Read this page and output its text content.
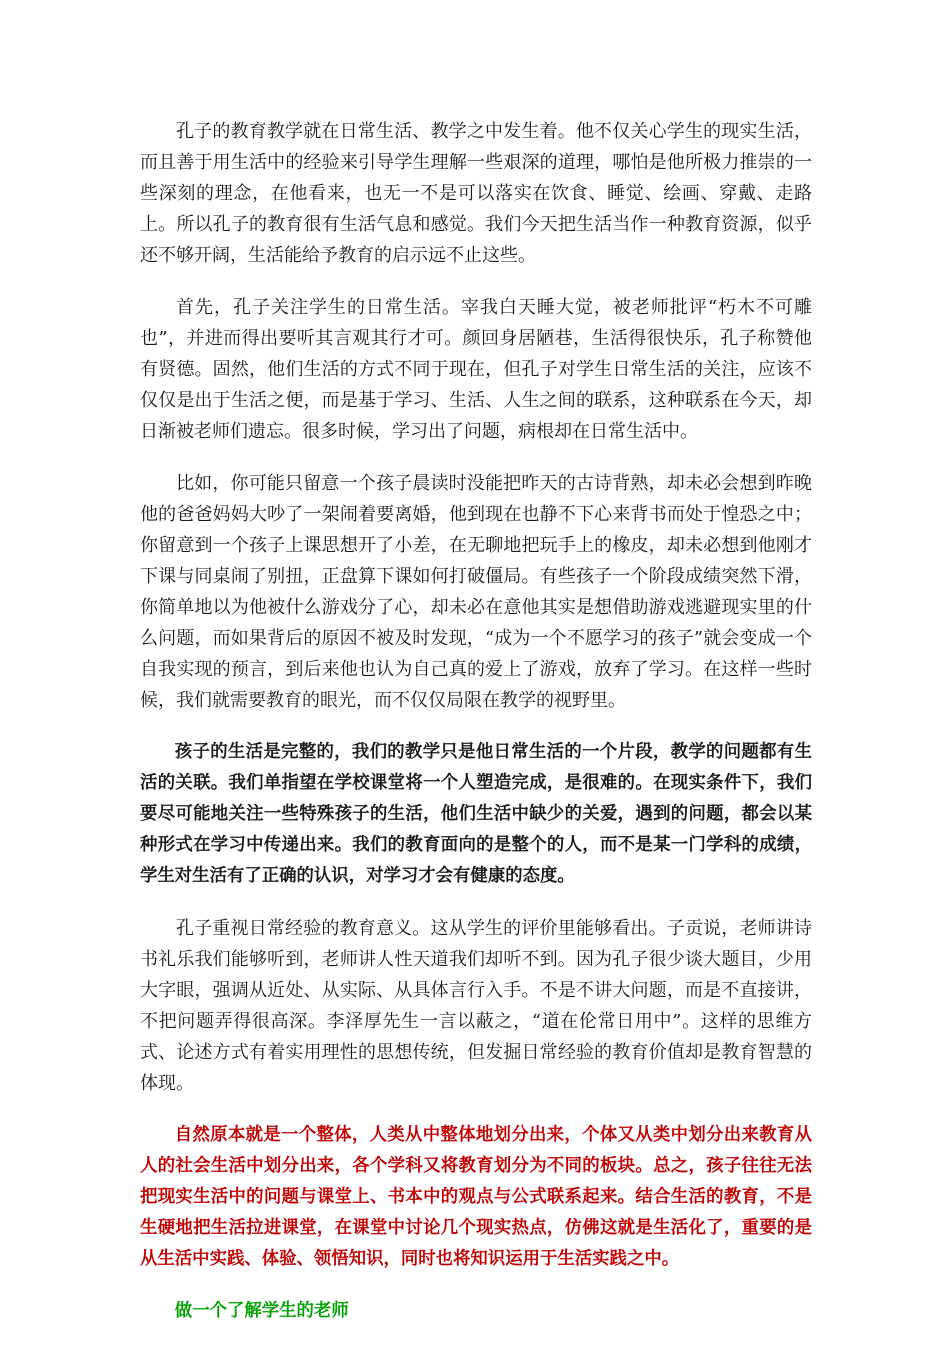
孔子的教育教学就在日常生活、教学之中发生着。他不仅关心学生的现实生活，而且善于用生活中的经验来引导学生理解一些艰深的道理，哪怕是他所极力推崇的一些深刻的理念，在他看来，也无一不是可以落实在饮食、睡觉、绘画、穿戴、走路上。所以孔子的教育很有生活气息和感觉。我们今天把生活当作一种教育资源，似乎还不够开阔，生活能给予教育的启示远不止这些。

首先，孔子关注学生的日常生活。宰我白天睡大觉，被老师批评“朽木不可雕也”，并进而得出要听其言观其行才可。颜回身居陋巷，生活得很快乐，孔子称赞他有贤德。固然，他们生活的方式不同于现在，但孔子对学生日常生活的关注，应该不仅仅是出于生活之便，而是基于学习、生活、人生之间的联系，这种联系在今天，却日渐被老师们遗忘。很多时候，学习出了问题，病根却在日常生活中。

比如，你可能只留意一个孩子晨读时没能把昨天的古诗背熟，却未必会想到昨晚他的爸爸妈妈大吵了一架闹着要离婚，他到现在也静不下心来背书而处于惶恐之中；你留意到一个孩子上课思想开了小差，在无聊地把玩手上的橡皮，却未必想到他刚才下课与同桌闹了别扭，正盘算下课如何打破僵局。有些孩子一个阶段成绩突然下滑，你简单地以为他被什么游戏分了心，却未必在意他其实是想借助游戏逃避现实里的什么问题，而如果背后的原因不被及时发现，“成为一个不愿学习的孩子”就会变成一个自我实现的预言，到后来他也认为自己真的爱上了游戏，放弃了学习。在这样一些时候，我们就需要教育的眼光，而不仅仅局限在教学的视野里。

孩子的生活是完整的，我们的教学只是他日常生活的一个片段，教学的问题都有生活的关联。我们单指望在学校课堂将一个人塑造完成，是很难的。在现实条件下，我们要尽可能地关注一些特殊孩子的生活，他们生活中缺少的关爱，遇到的问题，都会以某种形式在学习中传递出来。我们的教育面向的是整个的人，而不是某一门学科的成绩，学生对生活有了正确的认识，对学习才会有健康的态度。

孔子重视日常经验的教育意义。这从学生的评价里能够看出。子贡说，老师讲诗书礼乐我们能够听到，老师讲人性天道我们却听不到。因为孔子很少谈大题目，少用大字眼，强调从近处、从实际、从具体言行入手。不是不讲大问题，而是不直接讲，不把问题弄得很高深。李泽厚先生一言以蔽之，“道在伦常日用中”。这样的思维方式、论述方式有着实用理性的思想传统，但发掘日常经验的教育价值却是教育智慧的体现。

自然原本就是一个整体，人类从中整体地划分出来，个体又从类中划分出来教育从人的社会生活中划分出来，各个学科又将教育划分为不同的板块。总之，孩子往往无法把现实生活中的问题与课堂上、书本中的观点与公式联系起来。结合生活的教育，不是生硬地把生活拉进课堂，在课堂中讨论几个现实热点，仿佛这就是生活化了，重要的是从生活中实践、体验、领悟知识，同时也将知识运用于生活实践之中。

做一个了解学生的老师
